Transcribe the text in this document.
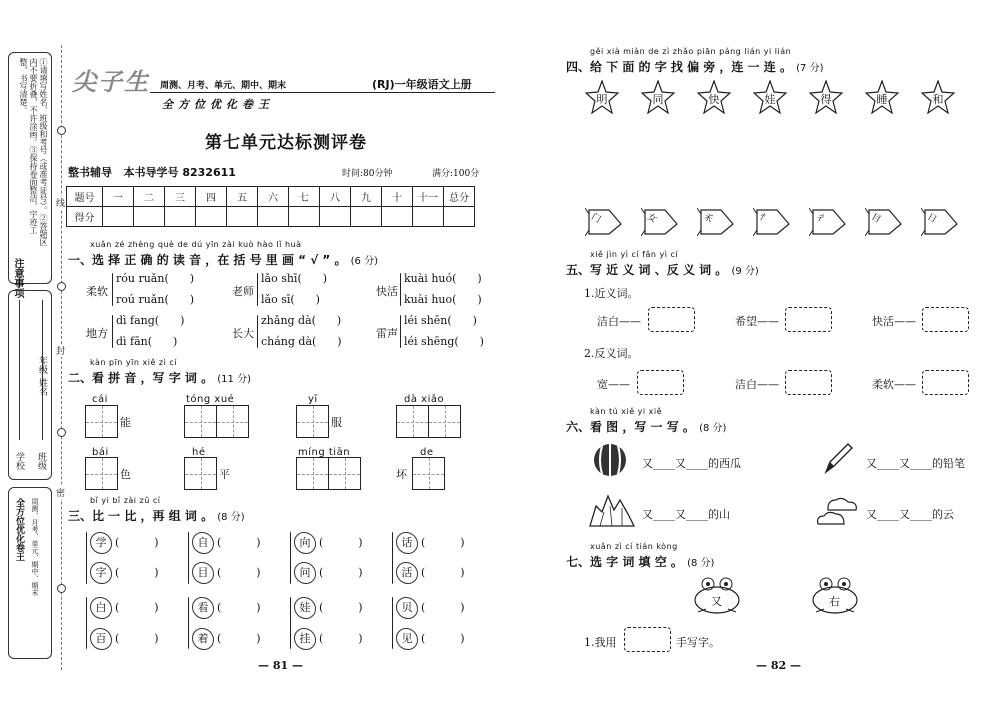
注意事项
①请填写姓名、班级和考号（或准考证号）。②答题区内不要折叠，不许涂画。③保持卷面整洁，字迹工整，书写清楚。
学校 班级
年级
姓名
全方位优化卷王 周测、月考、单元、期中、期末
线
封
密
尖子生
全方位优化卷王
周测、月考、单元、期中、期末	(RJ)一年级语文上册
第七单元达标测评卷
整书辅导 本书导学号 8232611	时间:80分钟	满分:100分
题号	一	二	三	四	五	六	七	八	九	十	十一	总分
得分												
xuǎn zé zhèng què de dú yīn zài kuò hào lǐ huà
一、选 择 正 确 的 读 音 ，在 括 号 里 画 “ √ ” 。 (6 分)
柔软
róu ruǎn(      )
roú ruǎn(      )
老师
lǎo shī(      )
lǎo sī(      )
快活
kuài huó(      )
kuài huo(      )
地方
dì fang(      )
dì fān(      )
长大
zhǎng dà(      )
cháng dà(      )
雷声
léi shēn(      )
léi shēng(      )
kàn pīn yīn xiě zì cí
二、看 拼 音 ，写 字 词 。 (11 分)
cái
能
tóng xué	yī
服
dà xiǎo
bái
色
hé
平
míng tiān	de
坏
bǐ yi bǐ zài zǔ cí
三、比 一 比 ，再 组 词 。 (8 分)
学 (          )
字 (          )
自 (          )
目 (          )
向 (          )
问 (          )
话 (          )
活 (          )
白 (          )
百 (          )
看 (          )
着 (          )
娃 (          )
挂 (          )
贝 (          )
见 (          )
— 81 —
gěi xià miàn de zì zhǎo piān páng lián yi lián
四、给 下 面 的 字 找 偏 旁 ，连 一 连 。 (7 分)
明	同	快	娃	得	睡	和
门	女	禾	忄	彳	目	日
xiě jìn yì cí fǎn yì cí
五、写 近 义 词 、反 义 词 。 (9 分)
1.近义词。
洁白——	希望——	快活——
2.反义词。
宽——	洁白——	柔软——
kàn tú xiě yi xiě
六、看 图 ，写 一 写 。 (8 分)
又____又____的西瓜	又____又____的铅笔
又____又____的山	又____又____的云
xuǎn zì cí tián kòng
七、选 字 词 填 空 。 (8 分)
又	右
1.我用	手写字。
— 82 —
